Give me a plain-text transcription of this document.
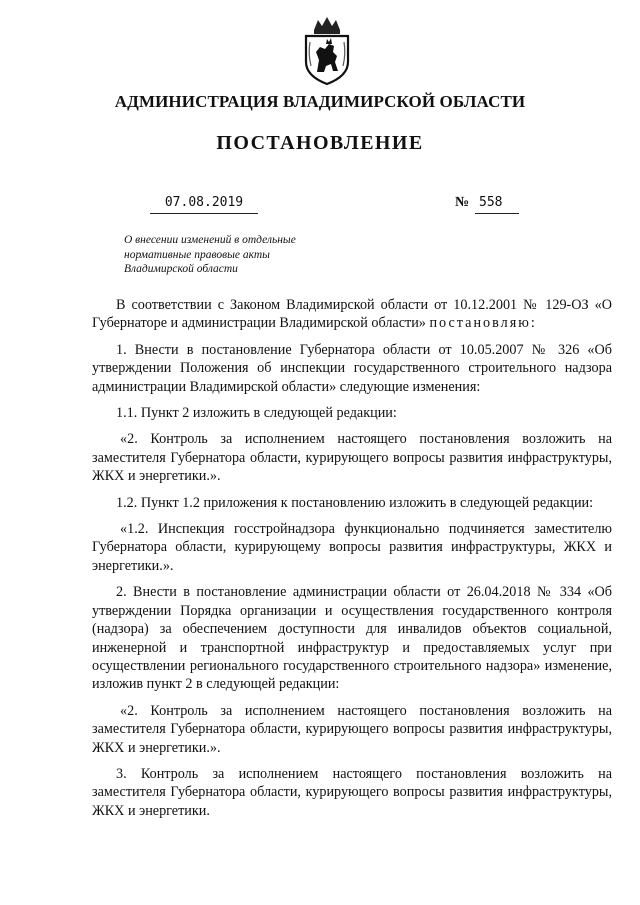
АДМИНИСТРАЦИЯ ВЛАДИМИРСКОЙ ОБЛАСТИ
ПОСТАНОВЛЕНИЕ
07.08.2019	№ 558
О внесении изменений в отдельные
нормативные правовые акты
Владимирской области

В соответствии с Законом Владимирской области от 10.12.2001 № 129-ОЗ «О Губернаторе и администрации Владимирской области» постановляю:

1. Внести в постановление Губернатора области от 10.05.2007 № 326 «Об утверждении Положения об инспекции государственного строительного надзора администрации Владимирской области» следующие изменения:

1.1. Пункт 2 изложить в следующей редакции:

«2. Контроль за исполнением настоящего постановления возложить на заместителя Губернатора области, курирующего вопросы развития инфраструктуры, ЖКХ и энергетики.».

1.2. Пункт 1.2 приложения к постановлению изложить в следующей редакции:

«1.2. Инспекция госстройнадзора функционально подчиняется заместителю Губернатора области, курирующему вопросы развития инфраструктуры, ЖКХ и энергетики.».

2. Внести в постановление администрации области от 26.04.2018 № 334 «Об утверждении Порядка организации и осуществления государственного контроля (надзора) за обеспечением доступности для инвалидов объектов социальной, инженерной и транспортной инфраструктур и предоставляемых услуг при осуществлении регионального государственного строительного надзора» изменение, изложив пункт 2 в следующей редакции:

«2. Контроль за исполнением настоящего постановления возложить на заместителя Губернатора области, курирующего вопросы развития инфраструктуры, ЖКХ и энергетики.».

3. Контроль за исполнением настоящего постановления возложить на заместителя Губернатора области, курирующего вопросы развития инфраструктуры, ЖКХ и энергетики.
